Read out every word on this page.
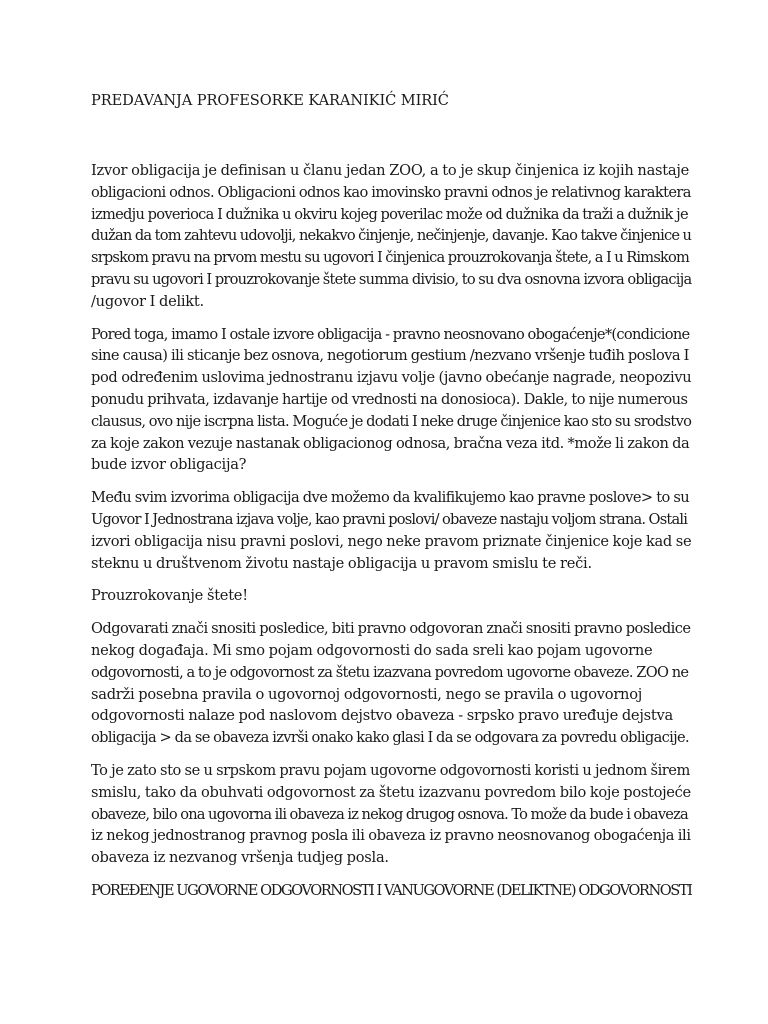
PREDAVANJA PROFESORKE KARANIKIĆ MIRIĆ
Izvor obligacija je definisan u članu jedan ZOO, a to je skup činjenica iz kojih nastaje
obligacioni odnos. Obligacioni odnos kao imovinsko pravni odnos je relativnog karaktera
izmedju poverioca I dužnika u okviru kojeg poverilac može od dužnika da traži a dužnik je
dužan da tom zahtevu udovolji, nekakvo činjenje, nečinjenje, davanje. Kao takve činjenice u
srpskom pravu na prvom mestu su ugovori I činjenica prouzrokovanja štete, a I u Rimskom
pravu su ugovori I prouzrokovanje štete summa divisio, to su dva osnovna izvora obligacija
/ugovor I delikt.
Pored toga, imamo I ostale izvore obligacija - pravno neosnovano obogaćenje*(condicione
sine causa) ili sticanje bez osnova, negotiorum gestium /nezvano vršenje tuđih poslova I
pod određenim uslovima jednostranu izjavu volje (javno obećanje nagrade, neopozivu
ponudu prihvata, izdavanje hartije od vrednosti na donosioca). Dakle, to nije numerous
clausus, ovo nije iscrpna lista. Moguće je dodati I neke druge činjenice kao sto su srodstvo
za koje zakon vezuje nastanak obligacionog odnosa, bračna veza itd. *može li zakon da
bude izvor obligacija?
Među svim izvorima obligacija dve možemo da kvalifikujemo kao pravne poslove> to su
Ugovor I Jednostrana izjava volje, kao pravni poslovi/ obaveze nastaju voljom strana. Ostali
izvori obligacija nisu pravni poslovi, nego neke pravom priznate činjenice koje kad se
steknu u društvenom životu nastaje obligacija u pravom smislu te reči.
Prouzrokovanje štete!
Odgovarati znači snositi posledice, biti pravno odgovoran znači snositi pravno posledice
nekog događaja. Mi smo pojam odgovornosti do sada sreli kao pojam ugovorne
odgovornosti, a to je odgovornost za štetu izazvana povredom ugovorne obaveze. ZOO ne
sadrži posebna pravila o ugovornoj odgovornosti, nego se pravila o ugovornoj
odgovornosti nalaze pod naslovom dejstvo obaveza - srpsko pravo uređuje dejstva
obligacija > da se obaveza izvrši onako kako glasi I da se odgovara za povredu obligacije.
To je zato sto se u srpskom pravu pojam ugovorne odgovornosti koristi u jednom širem
smislu, tako da obuhvati odgovornost za štetu izazvanu povredom bilo koje postojeće
obaveze, bilo ona ugovorna ili obaveza iz nekog drugog osnova. To može da bude i obaveza
iz nekog jednostranog pravnog posla ili obaveza iz pravno neosnovanog obogaćenja ili
obaveza iz nezvanog vršenja tudjeg posla.
POREĐENJE UGOVORNE ODGOVORNOSTI I VANUGOVORNE (DELIKTNE) ODGOVORNOSTI
